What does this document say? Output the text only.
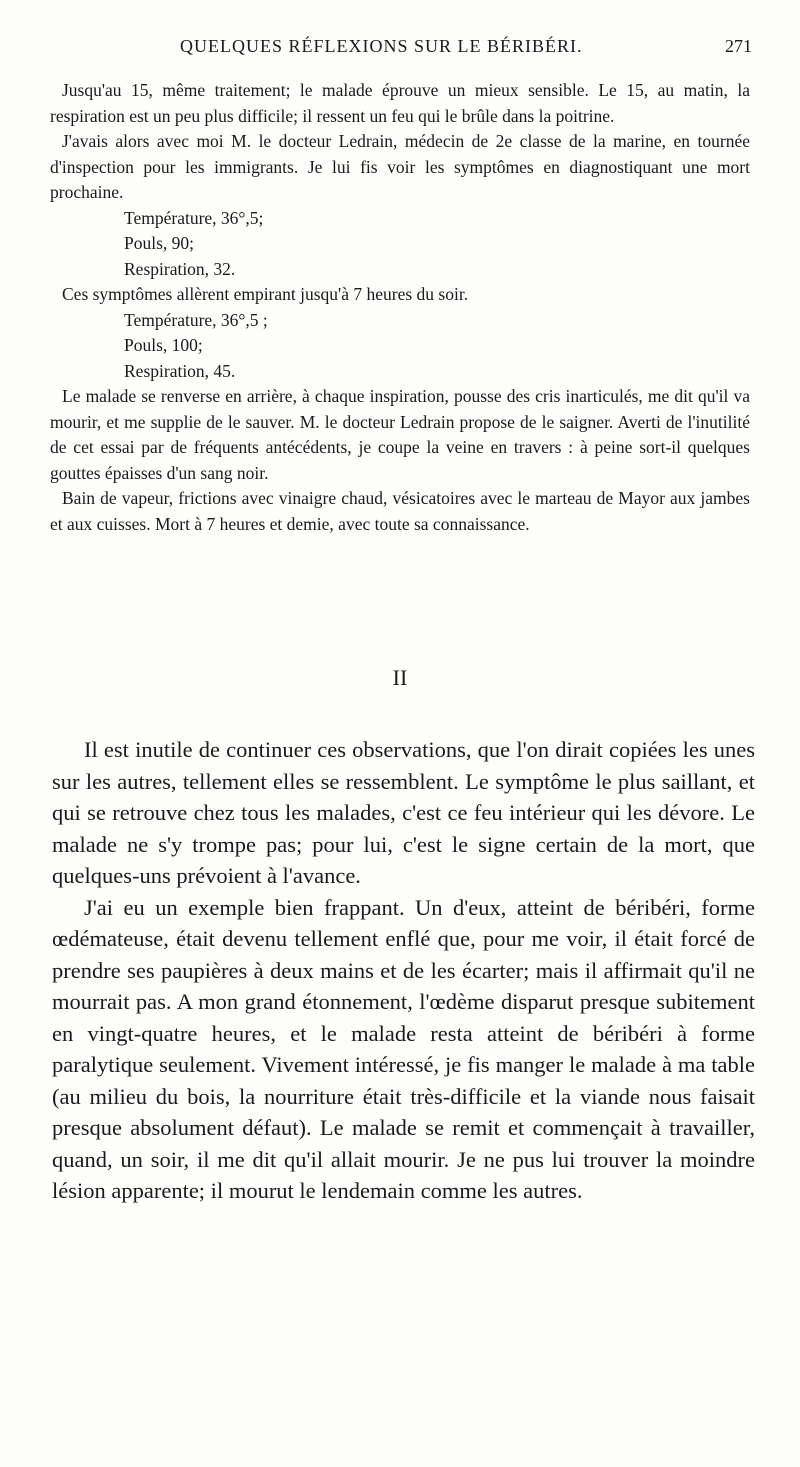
QUELQUES RÉFLEXIONS SUR LE BÉRIBÉRI.	271

Jusqu'au 15, même traitement; le malade éprouve un mieux sensible. Le 15, au matin, la respiration est un peu plus difficile; il ressent un feu qui le brûle dans la poitrine.

J'avais alors avec moi M. le docteur Ledrain, médecin de 2e classe de la marine, en tournée d'inspection pour les immigrants. Je lui fis voir les symptômes en diagnostiquant une mort prochaine.

Température, 36°,5;

Pouls, 90;

Respiration, 32.

Ces symptômes allèrent empirant jusqu'à 7 heures du soir.

Température, 36°,5 ;

Pouls, 100;

Respiration, 45.

Le malade se renverse en arrière, à chaque inspiration, pousse des cris inarticulés, me dit qu'il va mourir, et me supplie de le sauver. M. le docteur Ledrain propose de le saigner. Averti de l'inutilité de cet essai par de fréquents antécédents, je coupe la veine en travers : à peine sort-il quelques gouttes épaisses d'un sang noir.

Bain de vapeur, frictions avec vinaigre chaud, vésicatoires avec le marteau de Mayor aux jambes et aux cuisses. Mort à 7 heures et demie, avec toute sa connaissance.

II

Il est inutile de continuer ces observations, que l'on dirait copiées les unes sur les autres, tellement elles se ressemblent. Le symptôme le plus saillant, et qui se retrouve chez tous les malades, c'est ce feu intérieur qui les dévore. Le malade ne s'y trompe pas; pour lui, c'est le signe certain de la mort, que quelques-uns prévoient à l'avance.

J'ai eu un exemple bien frappant. Un d'eux, atteint de béribéri, forme œdémateuse, était devenu tellement enflé que, pour me voir, il était forcé de prendre ses paupières à deux mains et de les écarter; mais il affirmait qu'il ne mourrait pas. A mon grand étonnement, l'œdème disparut presque subitement en vingt-quatre heures, et le malade resta atteint de béribéri à forme paralytique seulement. Vivement intéressé, je fis manger le malade à ma table (au milieu du bois, la nourriture était très-difficile et la viande nous faisait presque absolument défaut). Le malade se remit et commençait à travailler, quand, un soir, il me dit qu'il allait mourir. Je ne pus lui trouver la moindre lésion apparente; il mourut le lendemain comme les autres.
